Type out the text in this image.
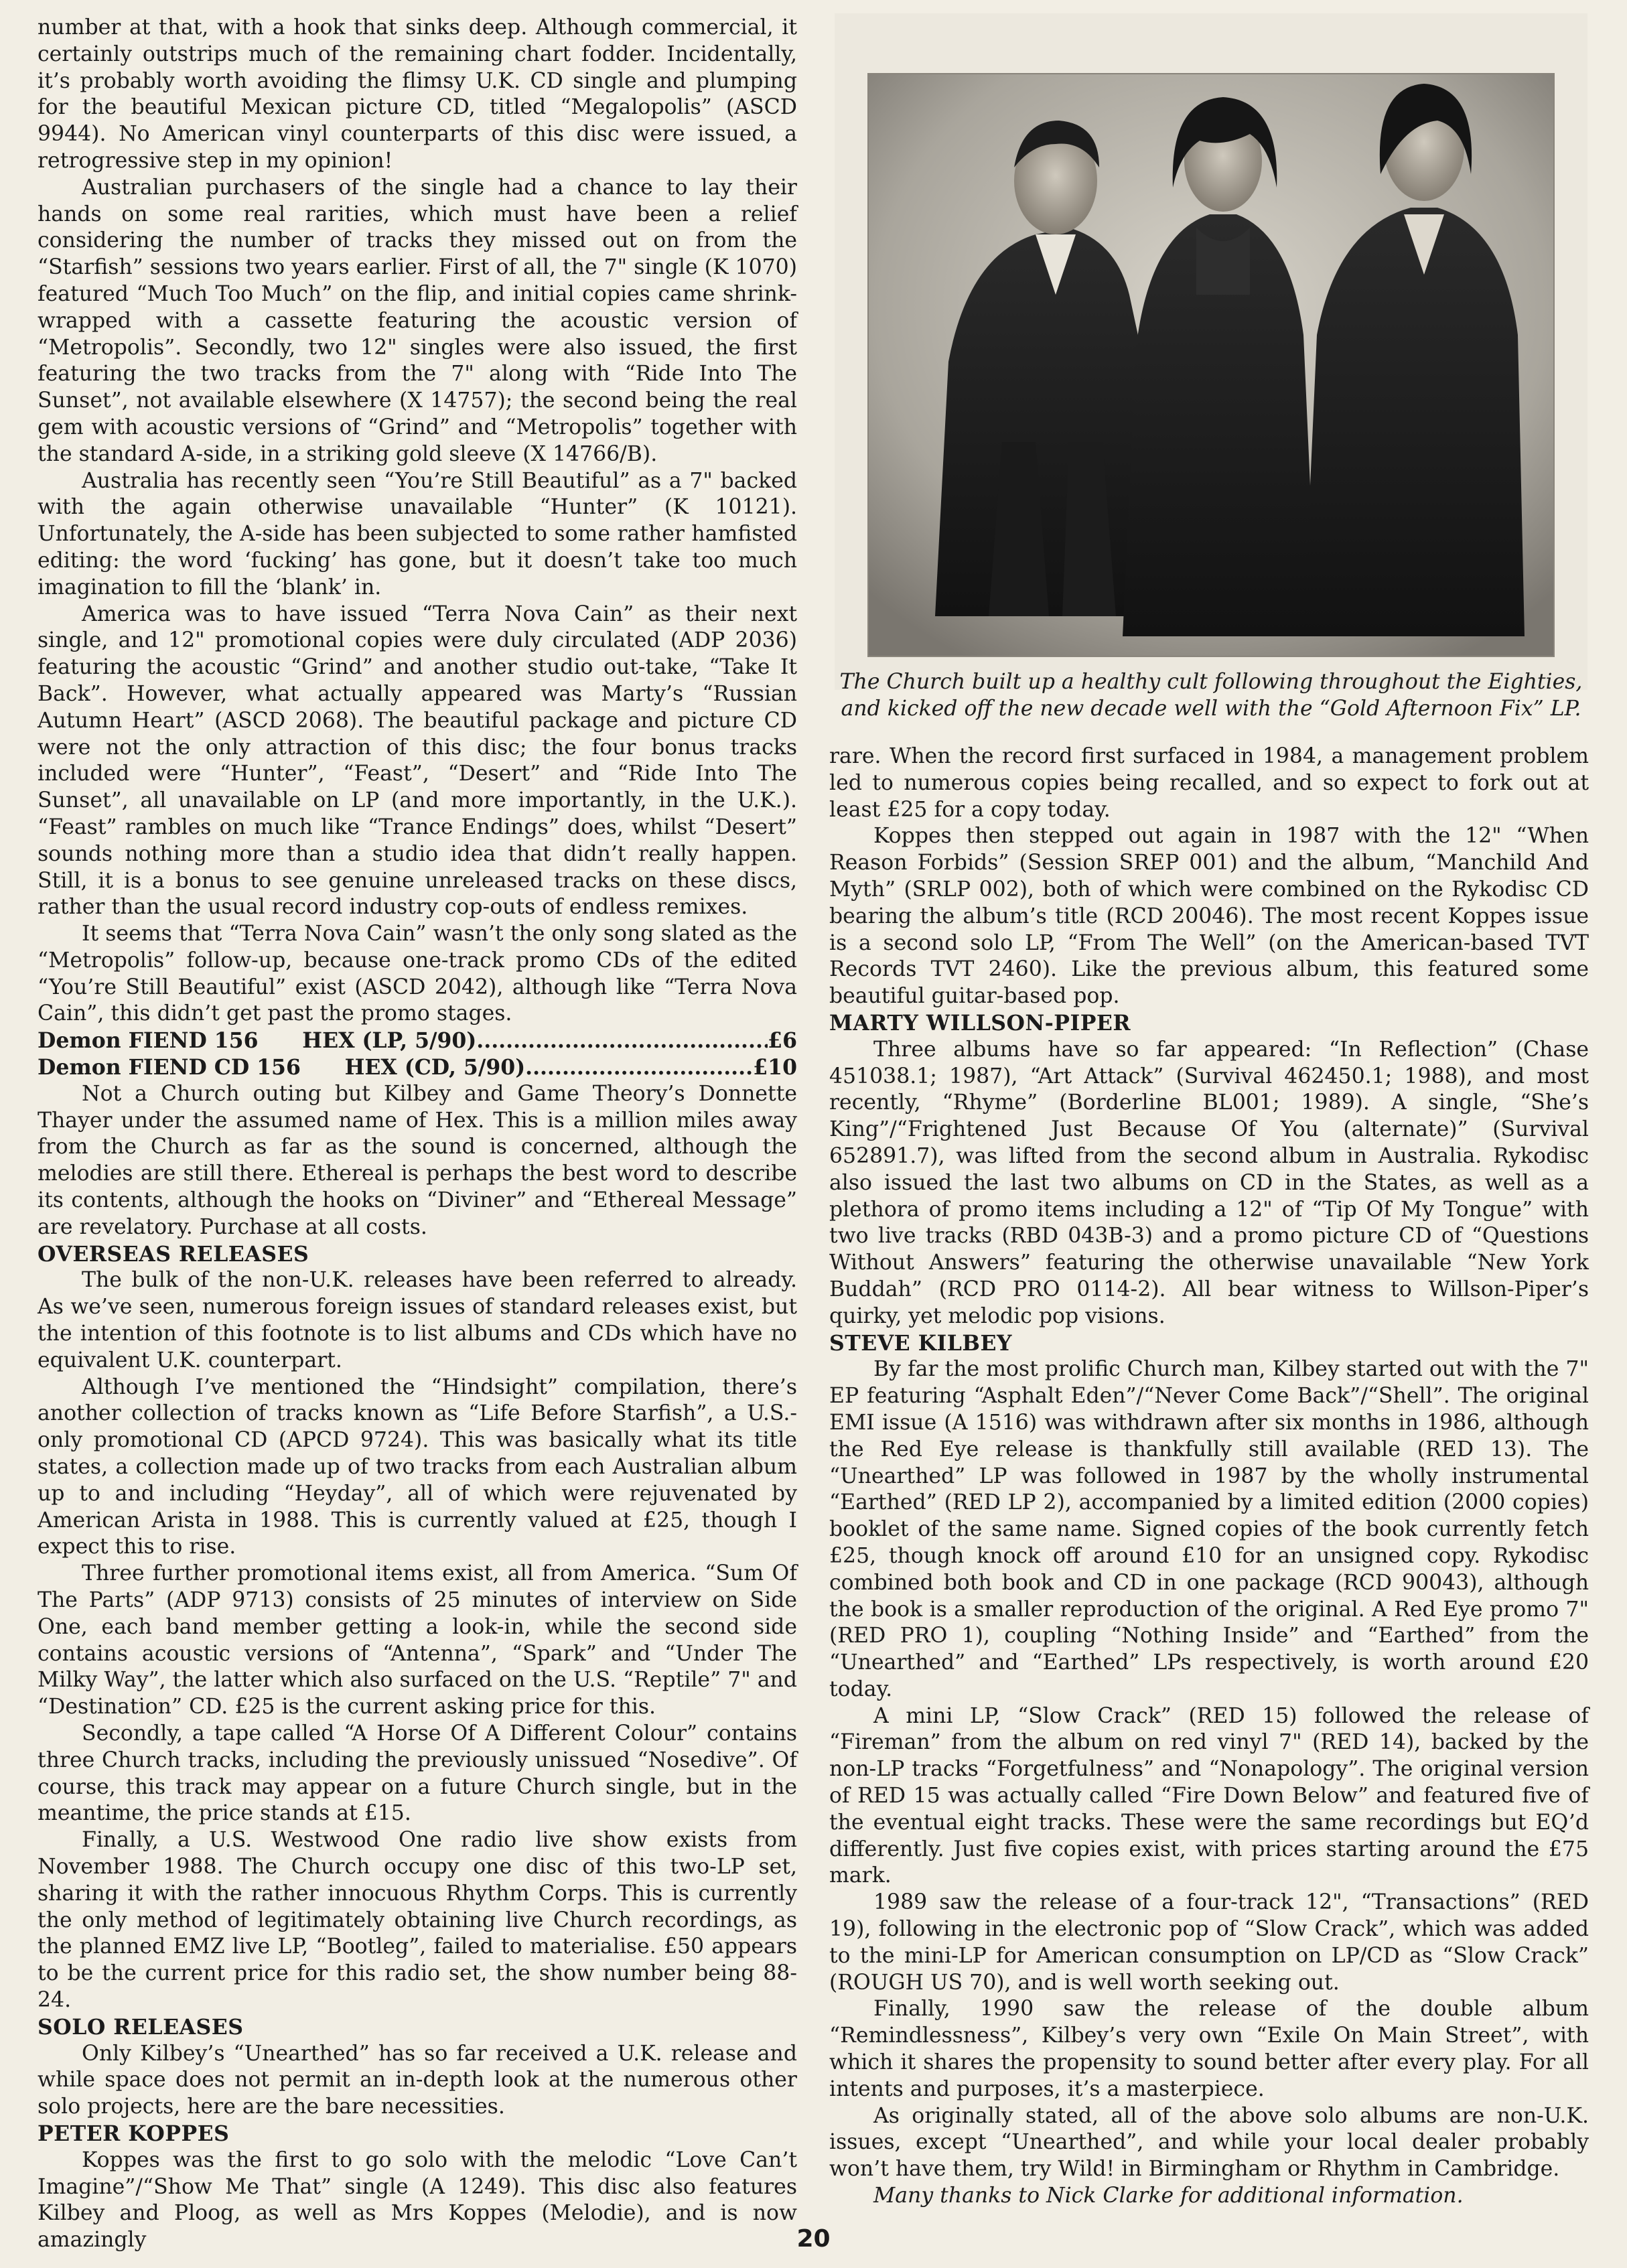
number at that, with a hook that sinks deep. Although commercial, it certainly outstrips much of the remaining chart fodder. Incidentally, it’s probably worth avoiding the flimsy U.K. CD single and plumping for the beautiful Mexican picture CD, titled “Megalopolis” (ASCD 9944). No American vinyl counterparts of this disc were issued, a retrogressive step in my opinion!

Australian purchasers of the single had a chance to lay their hands on some real rarities, which must have been a relief considering the number of tracks they missed out on from the “Starfish” sessions two years earlier. First of all, the 7" single (K 1070) featured “Much Too Much” on the flip, and initial copies came shrink-wrapped with a cassette featuring the acoustic version of “Metropolis”. Secondly, two 12" singles were also issued, the first featuring the two tracks from the 7" along with “Ride Into The Sunset”, not available elsewhere (X 14757); the second being the real gem with acoustic versions of “Grind” and “Metropolis” together with the standard A-side, in a striking gold sleeve (X 14766/B).

Australia has recently seen “You’re Still Beautiful” as a 7" backed with the again otherwise unavailable “Hunter” (K 10121). Unfortunately, the A-side has been subjected to some rather hamfisted editing: the word ‘fucking’ has gone, but it doesn’t take too much imagination to fill the ‘blank’ in.

America was to have issued “Terra Nova Cain” as their next single, and 12" promotional copies were duly circulated (ADP 2036) featuring the acoustic “Grind” and another studio out-take, “Take It Back”. However, what actually appeared was Marty’s “Russian Autumn Heart” (ASCD 2068). The beautiful package and picture CD were not the only attraction of this disc; the four bonus tracks included were “Hunter”, “Feast”, “Desert” and “Ride Into The Sunset”, all unavailable on LP (and more importantly, in the U.K.). “Feast” rambles on much like “Trance Endings” does, whilst “Desert” sounds nothing more than a studio idea that didn’t really happen. Still, it is a bonus to see genuine unreleased tracks on these discs, rather than the usual record industry cop-outs of endless remixes.

It seems that “Terra Nova Cain” wasn’t the only song slated as the “Metropolis” follow-up, because one-track promo CDs of the edited “You’re Still Beautiful” exist (ASCD 2042), although like “Terra Nova Cain”, this didn’t get past the promo stages.

Demon FIEND 156      HEX (LP, 5/90) .....	£6
Demon FIEND CD 156      HEX (CD, 5/90) .....	£10

Not a Church outing but Kilbey and Game Theory’s Donnette Thayer under the assumed name of Hex. This is a million miles away from the Church as far as the sound is concerned, although the melodies are still there. Ethereal is perhaps the best word to describe its contents, although the hooks on “Diviner” and “Ethereal Message” are revelatory. Purchase at all costs.

OVERSEAS RELEASES

The bulk of the non-U.K. releases have been referred to already. As we’ve seen, numerous foreign issues of standard releases exist, but the intention of this footnote is to list albums and CDs which have no equivalent U.K. counterpart.

Although I’ve mentioned the “Hindsight” compilation, there’s another collection of tracks known as “Life Before Starfish”, a U.S.-only promotional CD (APCD 9724). This was basically what its title states, a collection made up of two tracks from each Australian album up to and including “Heyday”, all of which were rejuvenated by American Arista in 1988. This is currently valued at £25, though I expect this to rise.

Three further promotional items exist, all from America. “Sum Of The Parts” (ADP 9713) consists of 25 minutes of interview on Side One, each band member getting a look-in, while the second side contains acoustic versions of “Antenna”, “Spark” and “Under The Milky Way”, the latter which also surfaced on the U.S. “Reptile” 7" and “Destination” CD. £25 is the current asking price for this.

Secondly, a tape called “A Horse Of A Different Colour” contains three Church tracks, including the previously unissued “Nosedive”. Of course, this track may appear on a future Church single, but in the meantime, the price stands at £15.

Finally, a U.S. Westwood One radio live show exists from November 1988. The Church occupy one disc of this two-LP set, sharing it with the rather innocuous Rhythm Corps. This is currently the only method of legitimately obtaining live Church recordings, as the planned EMZ live LP, “Bootleg”, failed to materialise. £50 appears to be the current price for this radio set, the show number being 88-24.

SOLO RELEASES

Only Kilbey’s “Unearthed” has so far received a U.K. release and while space does not permit an in-depth look at the numerous other solo projects, here are the bare necessities.

PETER KOPPES

Koppes was the first to go solo with the melodic “Love Can’t Imagine”/“Show Me That” single (A 1249). This disc also features Kilbey and Ploog, as well as Mrs Koppes (Melodie), and is now amazingly

The Church built up a healthy cult following throughout the Eighties, and kicked off the new decade well with the “Gold Afternoon Fix” LP.

rare. When the record first surfaced in 1984, a management problem led to numerous copies being recalled, and so expect to fork out at least £25 for a copy today.

Koppes then stepped out again in 1987 with the 12" “When Reason Forbids” (Session SREP 001) and the album, “Manchild And Myth” (SRLP 002), both of which were combined on the Rykodisc CD bearing the album’s title (RCD 20046). The most recent Koppes issue is a second solo LP, “From The Well” (on the American-based TVT Records TVT 2460). Like the previous album, this featured some beautiful guitar-based pop.

MARTY WILLSON-PIPER

Three albums have so far appeared: “In Reflection” (Chase 451038.1; 1987), “Art Attack” (Survival 462450.1; 1988), and most recently, “Rhyme” (Borderline BL001; 1989). A single, “She’s King”/“Frightened Just Because Of You (alternate)” (Survival 652891.7), was lifted from the second album in Australia. Rykodisc also issued the last two albums on CD in the States, as well as a plethora of promo items including a 12" of “Tip Of My Tongue” with two live tracks (RBD 043B-3) and a promo picture CD of “Questions Without Answers” featuring the otherwise unavailable “New York Buddah” (RCD PRO 0114-2). All bear witness to Willson-Piper’s quirky, yet melodic pop visions.

STEVE KILBEY

By far the most prolific Church man, Kilbey started out with the 7" EP featuring “Asphalt Eden”/“Never Come Back”/“Shell”. The original EMI issue (A 1516) was withdrawn after six months in 1986, although the Red Eye release is thankfully still available (RED 13). The “Unearthed” LP was followed in 1987 by the wholly instrumental “Earthed” (RED LP 2), accompanied by a limited edition (2000 copies) booklet of the same name. Signed copies of the book currently fetch £25, though knock off around £10 for an unsigned copy. Rykodisc combined both book and CD in one package (RCD 90043), although the book is a smaller reproduction of the original. A Red Eye promo 7" (RED PRO 1), coupling “Nothing Inside” and “Earthed” from the “Unearthed” and “Earthed” LPs respectively, is worth around £20 today.

A mini LP, “Slow Crack” (RED 15) followed the release of “Fireman” from the album on red vinyl 7" (RED 14), backed by the non-LP tracks “Forgetfulness” and “Nonapology”. The original version of RED 15 was actually called “Fire Down Below” and featured five of the eventual eight tracks. These were the same recordings but EQ’d differently. Just five copies exist, with prices starting around the £75 mark.

1989 saw the release of a four-track 12", “Transactions” (RED 19), following in the electronic pop of “Slow Crack”, which was added to the mini-LP for American consumption on LP/CD as “Slow Crack” (ROUGH US 70), and is well worth seeking out.

Finally, 1990 saw the release of the double album “Remindlessness”, Kilbey’s very own “Exile On Main Street”, with which it shares the propensity to sound better after every play. For all intents and purposes, it’s a masterpiece.

As originally stated, all of the above solo albums are non-U.K. issues, except “Unearthed”, and while your local dealer probably won’t have them, try Wild! in Birmingham or Rhythm in Cambridge.

Many thanks to Nick Clarke for additional information.

20
